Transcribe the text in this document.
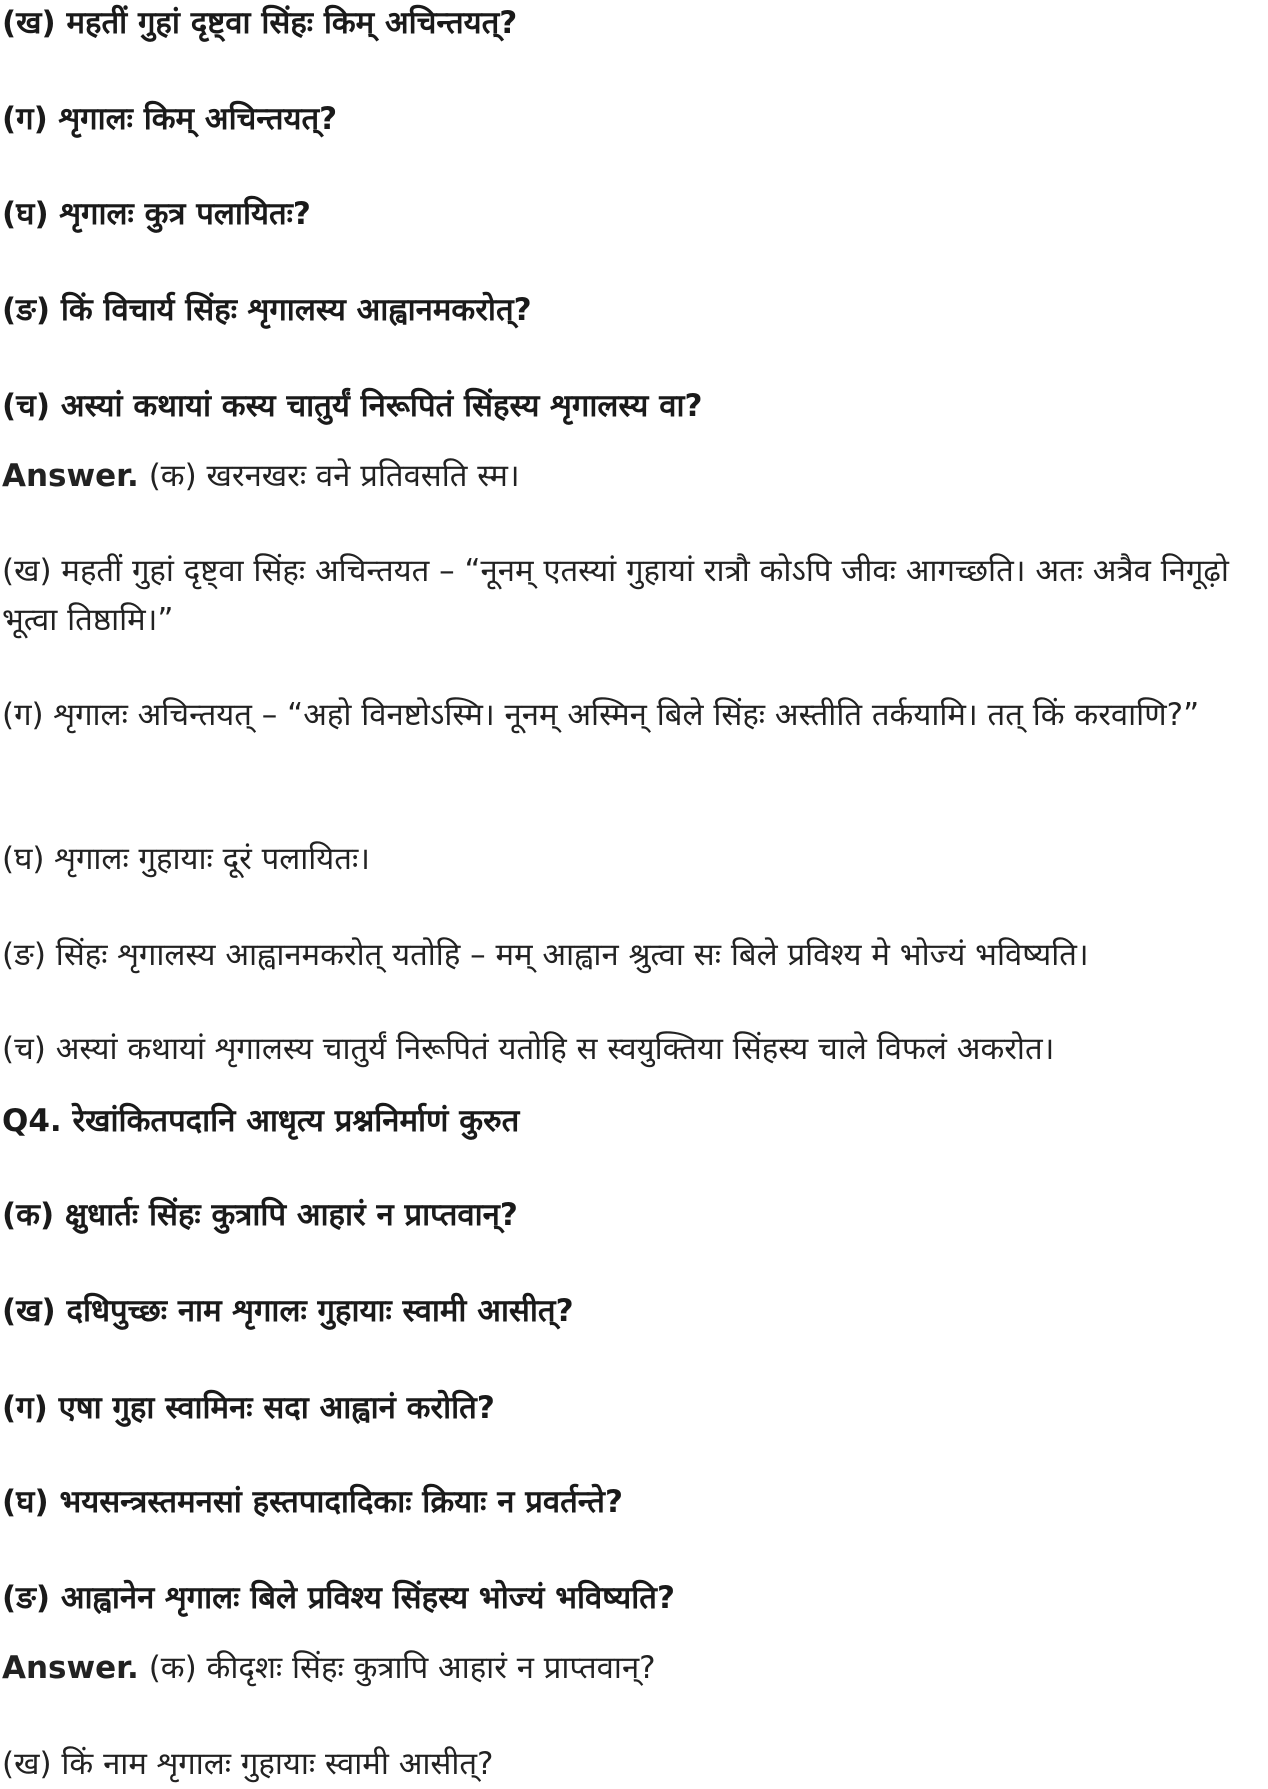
(ख) महतीं गुहां दृष्ट्वा सिंहः किम् अचिन्तयत्?
(ग) शृगालः किम् अचिन्तयत्?
(घ) शृगालः कुत्र पलायितः?
(ङ) किं विचार्य सिंहः शृगालस्य आह्वानमकरोत्?
(च) अस्यां कथायां कस्य चातुर्यं निरूपितं सिंहस्य शृगालस्य वा?
Answer. (क) खरनखरः वने प्रतिवसति स्म।
(ख) महतीं गुहां दृष्ट्वा सिंहः अचिन्तयत – “नूनम् एतस्यां गुहायां रात्रौ कोऽपि जीवः आगच्छति। अतः अत्रैव निगूढ़ो भूत्वा तिष्ठामि।”
(ग) शृगालः अचिन्तयत् – “अहो विनष्टोऽस्मि। नूनम् अस्मिन् बिले सिंहः अस्तीति तर्कयामि। तत् किं करवाणि?”
(घ) शृगालः गुहायाः दूरं पलायितः।
(ङ) सिंहः शृगालस्य आह्वानमकरोत् यतोहि – मम् आह्वान श्रुत्वा सः बिले प्रविश्य मे भोज्यं भविष्यति।
(च) अस्यां कथायां शृगालस्य चातुर्यं निरूपितं यतोहि स स्वयुक्तिया सिंहस्य चाले विफलं अकरोत।
Q4. रेखांकितपदानि आधृत्य प्रश्ननिर्माणं कुरुत
(क) क्षुधार्तः सिंहः कुत्रापि आहारं न प्राप्तवान्?
(ख) दधिपुच्छः नाम शृगालः गुहायाः स्वामी आसीत्?
(ग) एषा गुहा स्वामिनः सदा आह्वानं करोति?
(घ) भयसन्त्रस्तमनसां हस्तपादादिकाः क्रियाः न प्रवर्तन्ते?
(ङ) आह्वानेन शृगालः बिले प्रविश्य सिंहस्य भोज्यं भविष्यति?
Answer. (क) कीदृशः सिंहः कुत्रापि आहारं न प्राप्तवान्?
(ख) किं नाम शृगालः गुहायाः स्वामी आसीत्?
